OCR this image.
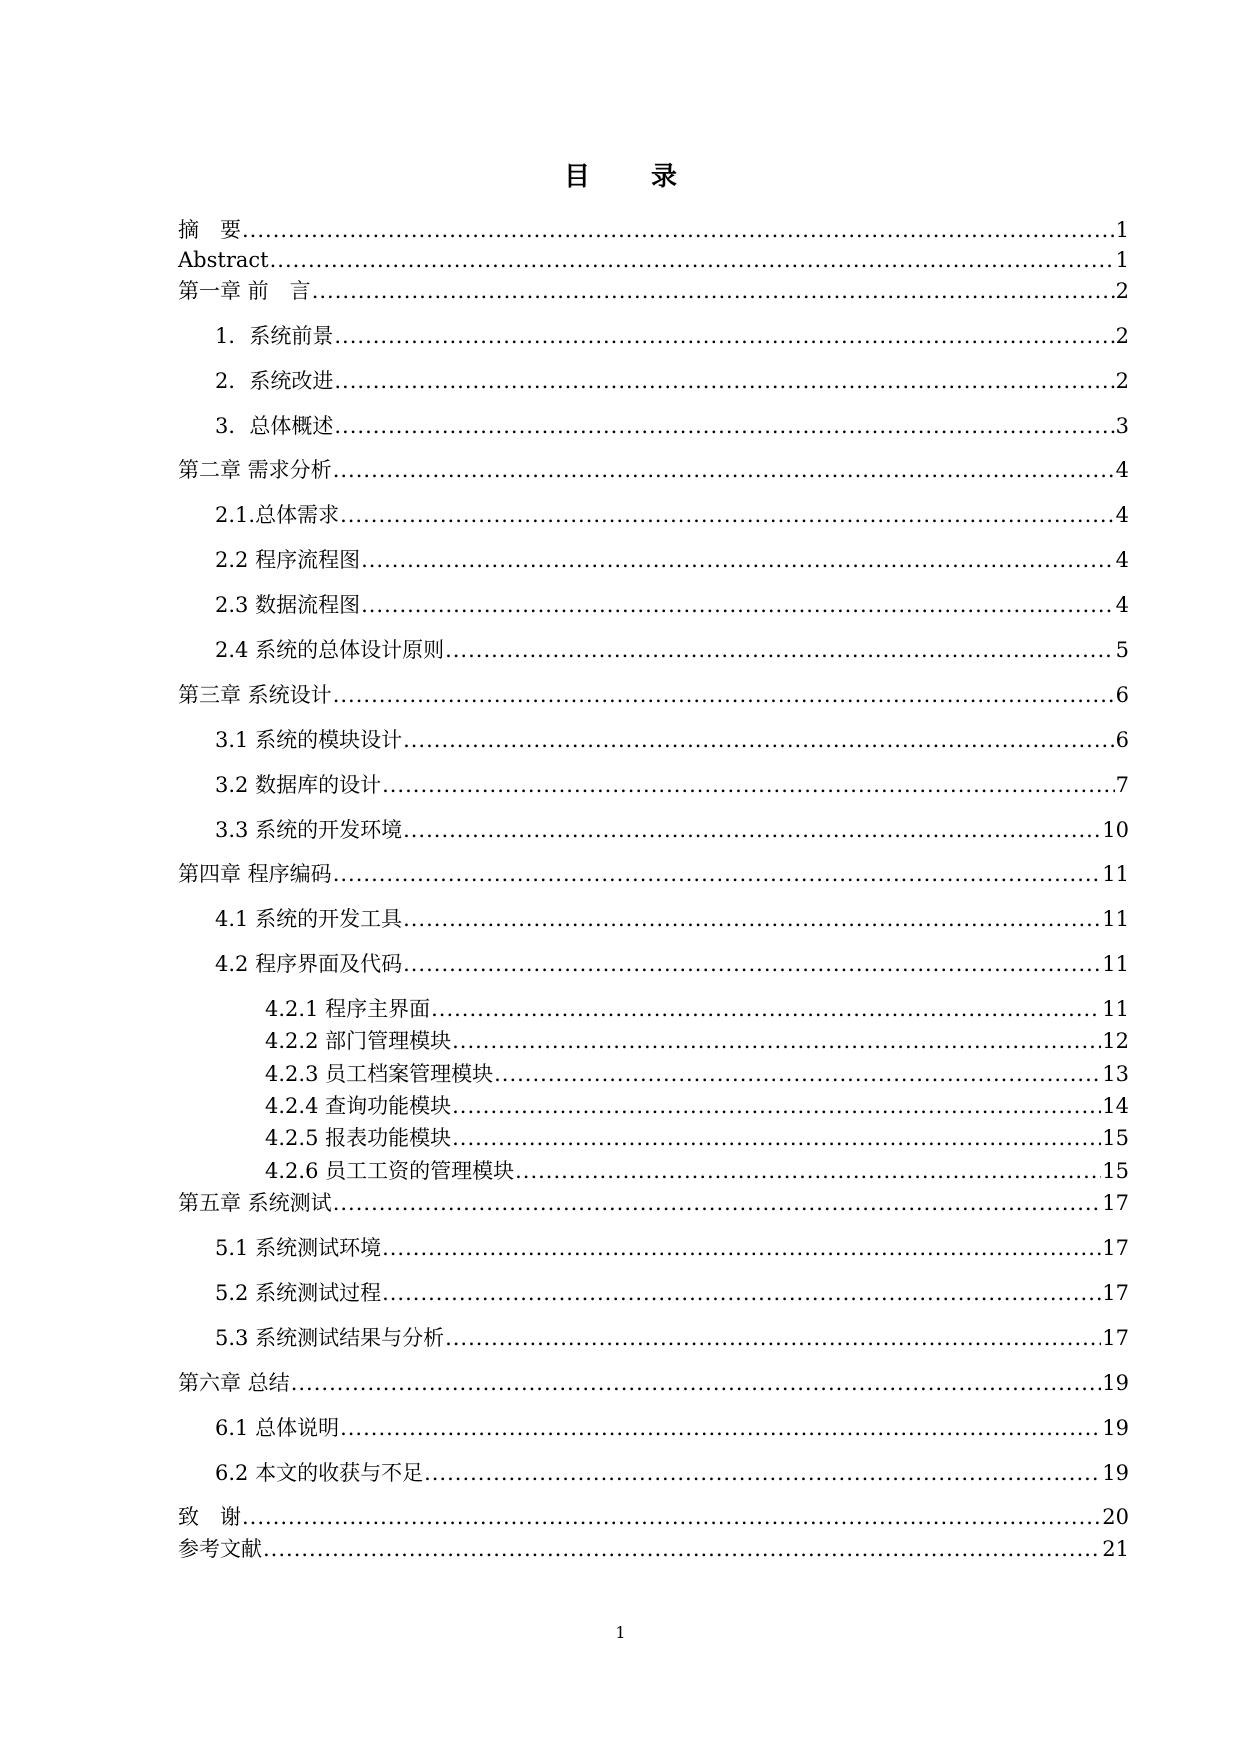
目 录
摘　要 .....	1
Abstract .....	1
第一章 前　言 .....	2
1．系统前景 .....	2
2．系统改进 .....	2
3．总体概述 .....	3
第二章 需求分析 .....	4
2.1.总体需求 .....	4
2.2 程序流程图 .....	4
2.3 数据流程图 .....	4
2.4 系统的总体设计原则 .....	5
第三章 系统设计 .....	6
3.1 系统的模块设计 .....	6
3.2 数据库的设计 .....	7
3.3 系统的开发环境 .....	10
第四章 程序编码 .....	11
4.1 系统的开发工具 .....	11
4.2 程序界面及代码 .....	11
4.2.1 程序主界面 .....	11
4.2.2 部门管理模块 .....	12
4.2.3 员工档案管理模块 .....	13
4.2.4 查询功能模块 .....	14
4.2.5 报表功能模块 .....	15
4.2.6 员工工资的管理模块 .....	15
第五章 系统测试 .....	17
5.1 系统测试环境 .....	17
5.2 系统测试过程 .....	17
5.3 系统测试结果与分析 .....	17
第六章 总结 .....	19
6.1 总体说明 .....	19
6.2 本文的收获与不足 .....	19
致　谢 .....	20
参考文献 .....	21
1
